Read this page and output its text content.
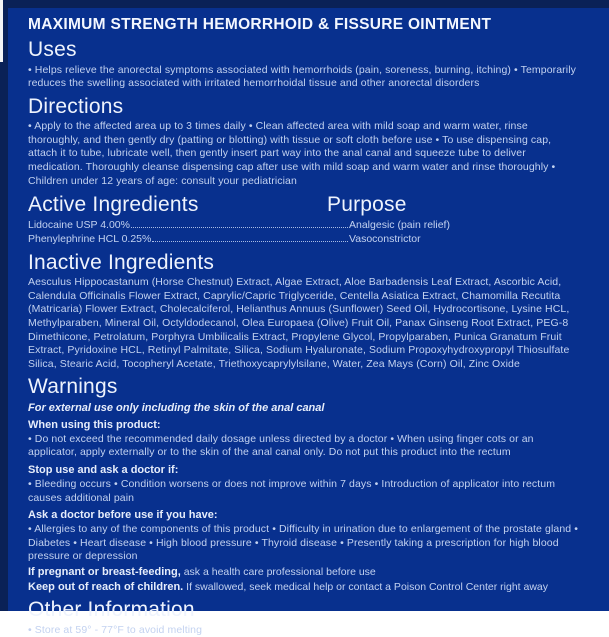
MAXIMUM STRENGTH HEMORRHOID & FISSURE OINTMENT
Uses

• Helps relieve the anorectal symptoms associated with hemorrhoids (pain, soreness, burning, itching) • Temporarily reduces the swelling associated with irritated hemorrhoidal tissue and other anorectal disorders

Directions

• Apply to the affected area up to 3 times daily • Clean affected area with mild soap and warm water, rinse thoroughly, and then gently dry (patting or blotting) with tissue or soft cloth before use • To use dispensing cap, attach it to tube, lubricate well, then gently insert part way into the anal canal and squeeze tube to deliver medication. Thoroughly cleanse dispensing cap after use with mild soap and warm water and rinse thoroughly • Children under 12 years of age: consult your pediatrician

Active Ingredients	Purpose
Lidocaine USP 4.00%	Analgesic (pain relief)
Phenylephrine HCL 0.25%	Vasoconstrictor
Inactive Ingredients

Aesculus Hippocastanum (Horse Chestnut) Extract, Algae Extract, Aloe Barbadensis Leaf Extract, Ascorbic Acid, Calendula Officinalis Flower Extract, Caprylic/Capric Triglyceride, Centella Asiatica Extract, Chamomilla Recutita (Matricaria) Flower Extract, Cholecalciferol, Helianthus Annuus (Sunflower) Seed Oil, Hydrocortisone, Lysine HCL, Methylparaben, Mineral Oil, Octyldodecanol, Olea Europaea (Olive) Fruit Oil, Panax Ginseng Root Extract, PEG-8 Dimethicone, Petrolatum, Porphyra Umbilicalis Extract, Propylene Glycol, Propylparaben, Punica Granatum Fruit Extract, Pyridoxine HCL, Retinyl Palmitate, Silica, Sodium Hyaluronate, Sodium Propoxyhydroxypropyl Thiosulfate Silica, Stearic Acid, Tocopheryl Acetate, Triethoxycaprylylsilane, Water, Zea Mays (Corn) Oil, Zinc Oxide

Warnings
For external use only including the skin of the anal canal
When using this product:

• Do not exceed the recommended daily dosage unless directed by a doctor • When using finger cots or an applicator, apply externally or to the skin of the anal canal only. Do not put this product into the rectum

Stop use and ask a doctor if:

• Bleeding occurs • Condition worsens or does not improve within 7 days • Introduction of applicator into rectum causes additional pain

Ask a doctor before use if you have:

• Allergies to any of the components of this product • Difficulty in urination due to enlargement of the prostate gland • Diabetes • Heart disease • High blood pressure • Thyroid disease • Presently taking a prescription for high blood pressure or depression

If pregnant or breast-feeding, ask a health care professional before use
Keep out of reach of children. If swallowed, seek medical help or contact a Poison Control Center right away
Other Information

• Store at 59° - 77°F to avoid melting
